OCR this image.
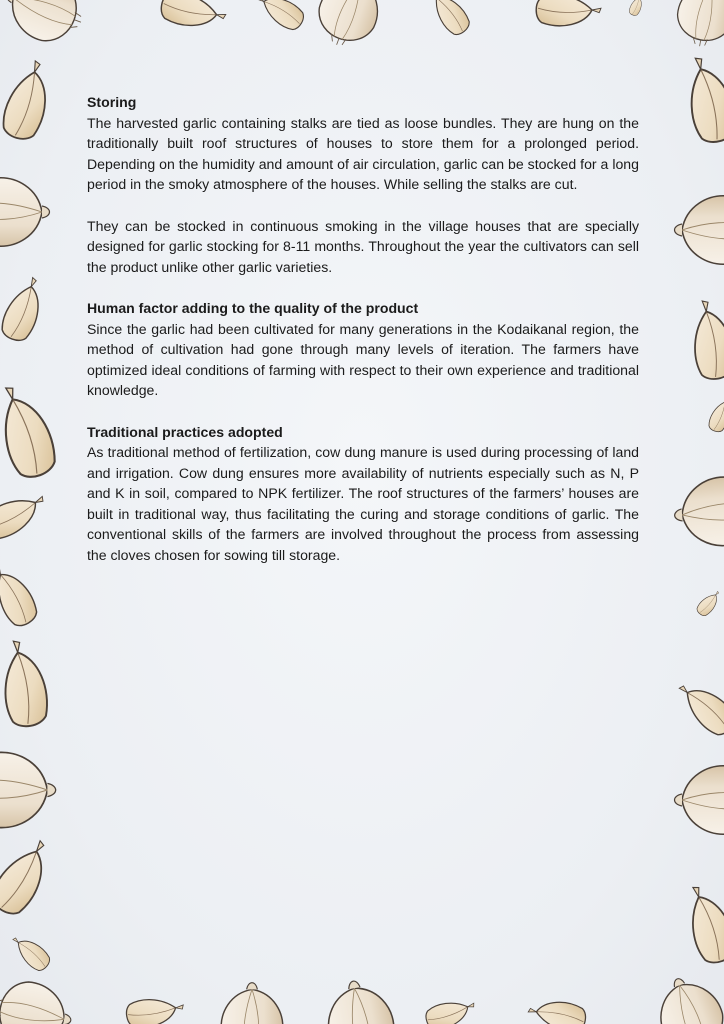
Storing
The harvested garlic containing stalks are tied as loose bundles. They are hung on the traditionally built roof structures of houses to store them for a prolonged period. Depending on the humidity and amount of air circulation, garlic can be stocked for a long period in the smoky atmosphere of the houses. While selling the stalks are cut.
They can be stocked in continuous smoking in the village houses that are specially designed for garlic stocking for 8-11 months. Throughout the year the cultivators can sell the product unlike other garlic varieties.
Human factor adding to the quality of the product
Since the garlic had been cultivated for many generations in the Kodaikanal region, the method of cultivation had gone through many levels of iteration. The farmers have optimized ideal conditions of farming with respect to their own experience and traditional knowledge.
Traditional practices adopted
As traditional method of fertilization, cow dung manure is used during processing of land and irrigation. Cow dung ensures more availability of nutrients especially such as N, P and K in soil, compared to NPK fertilizer. The roof structures of the farmers’ houses are built in traditional way, thus facilitating the curing and storage conditions of garlic. The conventional skills of the farmers are involved throughout the process from assessing the cloves chosen for sowing till storage.
